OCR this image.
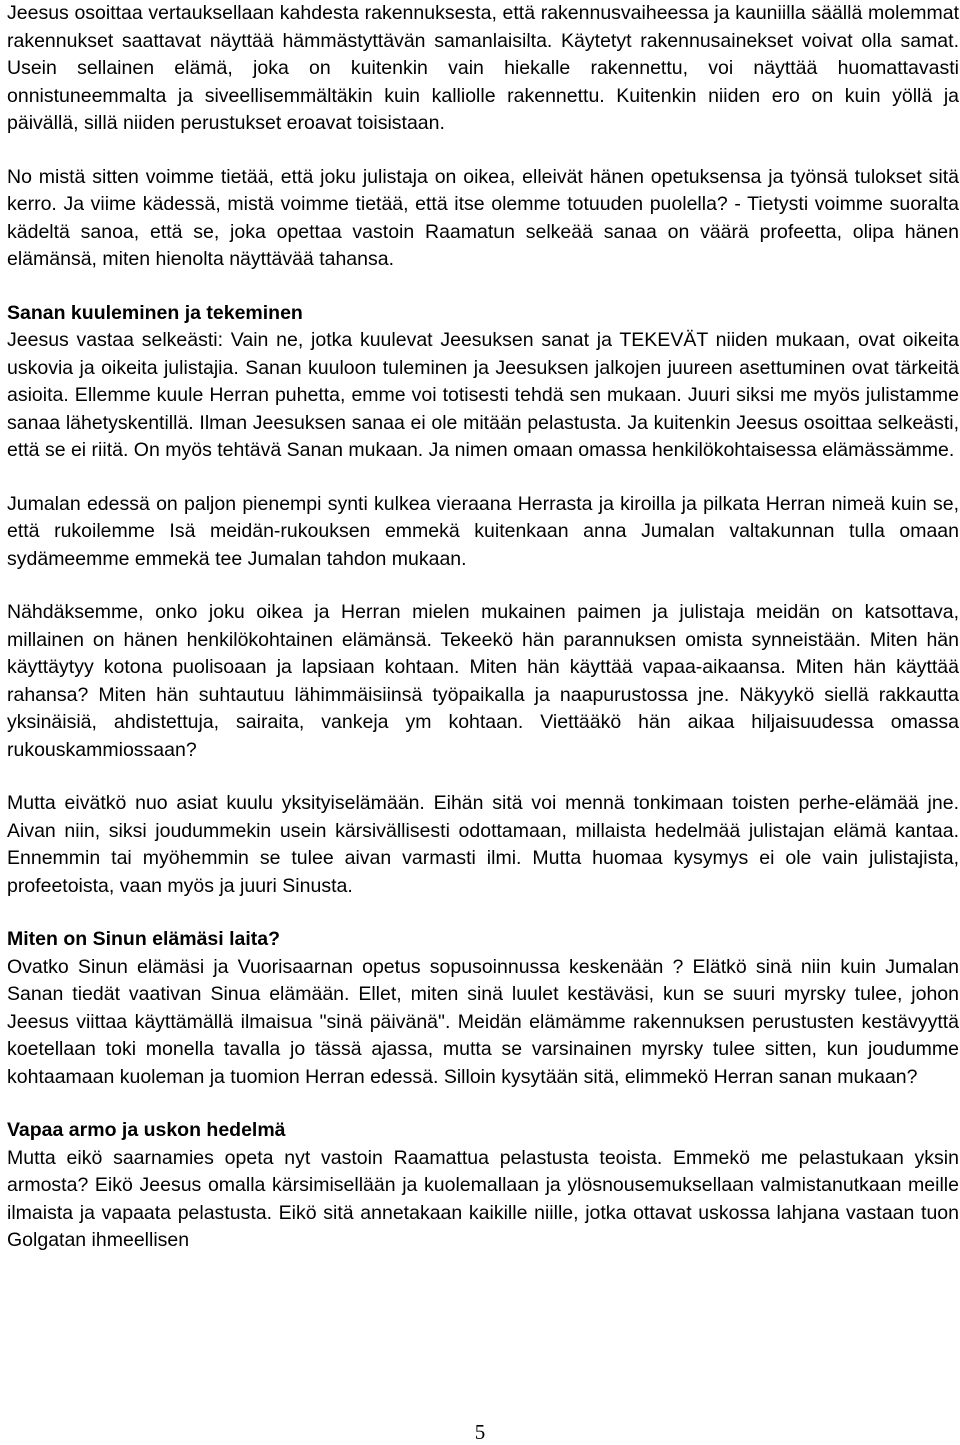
Jeesus osoittaa vertauksellaan kahdesta rakennuksesta, että rakennusvaiheessa ja kauniilla säällä molemmat rakennukset saattavat näyttää hämmästyttävän samanlaisilta. Käytetyt rakennusainekset voivat olla samat. Usein sellainen elämä, joka on kuitenkin vain hiekalle rakennettu, voi näyttää huomattavasti onnistuneemmalta ja siveellisemmältäkin kuin kalliolle rakennettu. Kuitenkin niiden ero on kuin yöllä ja päivällä, sillä niiden perustukset eroavat toisistaan.

No mistä sitten voimme tietää, että joku julistaja on oikea, elleivät hänen opetuksensa ja työnsä tulokset sitä kerro. Ja viime kädessä, mistä voimme tietää, että itse olemme totuuden puolella? - Tietysti voimme suoralta kädeltä sanoa, että se, joka opettaa vastoin Raamatun selkeää sanaa on väärä profeetta, olipa hänen elämänsä, miten hienolta näyttävää tahansa.

Sanan kuuleminen ja tekeminen
Jeesus vastaa selkeästi: Vain ne, jotka kuulevat Jeesuksen sanat ja TEKEVÄT niiden mukaan, ovat oikeita uskovia ja oikeita julistajia. Sanan kuuloon tuleminen ja Jeesuksen jalkojen juureen asettuminen ovat tärkeitä asioita. Ellemme kuule Herran puhetta, emme voi totisesti tehdä sen mukaan. Juuri siksi me myös julistamme sanaa lähetyskentillä. Ilman Jeesuksen sanaa ei ole mitään pelastusta. Ja kuitenkin Jeesus osoittaa selkeästi, että se ei riitä. On myös tehtävä Sanan mukaan. Ja nimen omaan omassa henkilökohtaisessa elämässämme.

Jumalan edessä on paljon pienempi synti kulkea vieraana Herrasta ja kiroilla ja pilkata Herran nimeä kuin se, että rukoilemme Isä meidän-rukouksen emmekä kuitenkaan anna Jumalan valtakunnan tulla omaan sydämeemme emmekä tee Jumalan tahdon mukaan.

Nähdäksemme, onko joku oikea ja Herran mielen mukainen paimen ja julistaja meidän on katsottava, millainen on hänen henkilökohtainen elämänsä. Tekeekö hän parannuksen omista synneistään. Miten hän käyttäytyy kotona puolisoaan ja lapsiaan kohtaan. Miten hän käyttää vapaa-aikaansa. Miten hän käyttää rahansa? Miten hän suhtautuu lähimmäisiinsä työpaikalla ja naapurustossa jne. Näkyykö siellä rakkautta yksinäisiä, ahdistettuja, sairaita, vankeja ym kohtaan. Viettääkö hän aikaa hiljaisuudessa omassa rukouskammiossaan?

Mutta eivätkö nuo asiat kuulu yksityiselämään. Eihän sitä voi mennä tonkimaan toisten perhe-elämää jne. Aivan niin, siksi joudummekin usein kärsivällisesti odottamaan, millaista hedelmää julistajan elämä kantaa. Ennemmin tai myöhemmin se tulee aivan varmasti ilmi. Mutta huomaa kysymys ei ole vain julistajista, profeetoista, vaan myös ja juuri Sinusta.

Miten on Sinun elämäsi laita?
Ovatko Sinun elämäsi ja Vuorisaarnan opetus sopusoinnussa keskenään ? Elätkö sinä niin kuin Jumalan Sanan tiedät vaativan Sinua elämään. Ellet, miten sinä luulet kestäväsi, kun se suuri myrsky tulee, johon Jeesus viittaa käyttämällä ilmaisua "sinä päivänä". Meidän elämämme rakennuksen perustusten kestävyyttä koetellaan toki monella tavalla jo tässä ajassa, mutta se varsinainen myrsky tulee sitten, kun joudumme kohtaamaan kuoleman ja tuomion Herran edessä. Silloin kysytään sitä, elimmekö Herran sanan mukaan?
Vapaa armo ja uskon hedelmä
Mutta eikö saarnamies opeta nyt vastoin Raamattua pelastusta teoista. Emmekö me pelastukaan yksin armosta? Eikö Jeesus omalla kärsimisellään ja kuolemallaan ja ylösnousemuksellaan valmistanutkaan meille ilmaista ja vapaata pelastusta. Eikö sitä annetakaan kaikille niille, jotka ottavat uskossa lahjana vastaan tuon Golgatan ihmeellisen
5
